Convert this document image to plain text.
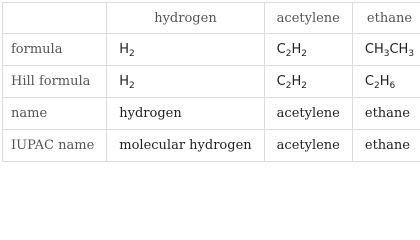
	hydrogen	acetylene	ethane
formula	$H_2$	$C_2H_2$	$CH_3CH_3$
Hill formula	$H_2$	$C_2H_2$	$C_2H_6$
name	hydrogen	acetylene	ethane
IUPAC name	molecular hydrogen	acetylene	ethane
